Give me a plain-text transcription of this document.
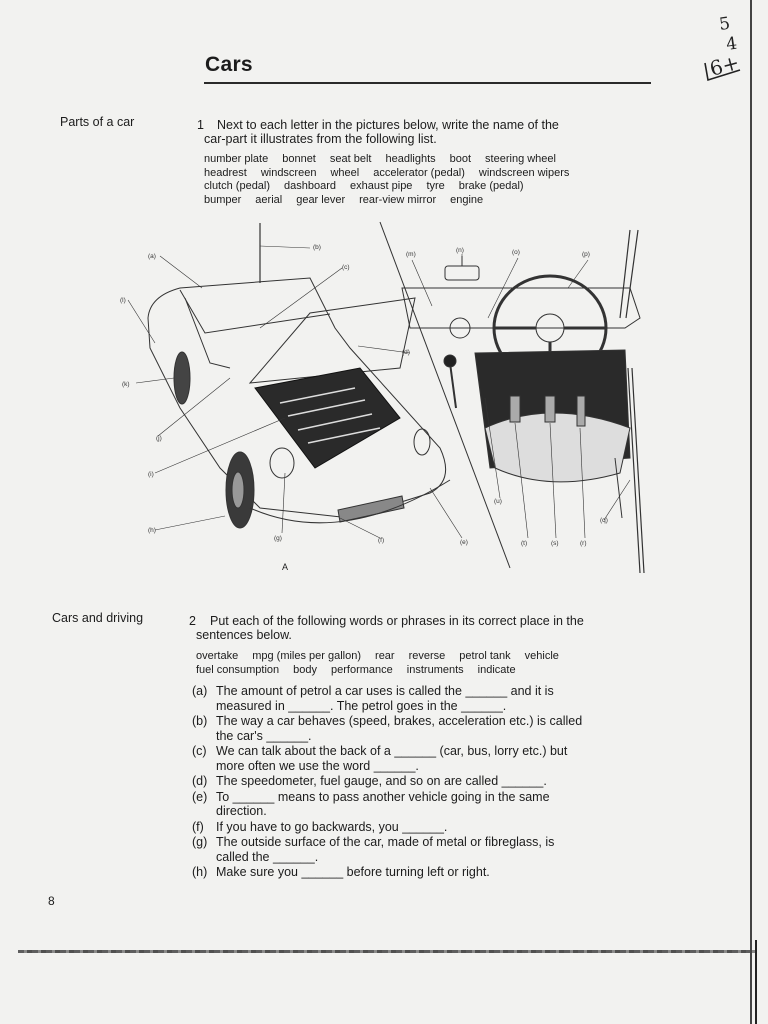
5
4
6+
Cars
Parts of a car	1 Next to each letter in the pictures below, write the name of the
car-part it illustrates from the following list.
number plate bonnet seat belt headlights boot steering wheel
headrest windscreen wheel accelerator (pedal) windscreen wipers
clutch (pedal) dashboard exhaust pipe tyre brake (pedal)
bumper aerial gear lever rear-view mirror engine
(a)
(b)
(c)
(d)
(e)
(f)
(g)
(h)
(i)
(j)
(k)
(l)
(m)
(n)	(o)	(p)
(q)
(r)
(s)
(t)
(u)
A
Cars and driving	2 Put each of the following words or phrases in its correct place in the
sentences below.
overtake mpg (miles per gallon) rear reverse petrol tank vehicle
fuel consumption body performance instruments indicate
(a) The amount of petrol a car uses is called the ______ and it is
measured in ______. The petrol goes in the ______.
(b) The way a car behaves (speed, brakes, acceleration etc.) is called
the car's ______.
(c) We can talk about the back of a ______ (car, bus, lorry etc.) but
more often we use the word ______.
(d) The speedometer, fuel gauge, and so on are called ______.
(e) To ______ means to pass another vehicle going in the same
direction.
(f) If you have to go backwards, you ______.
(g) The outside surface of the car, made of metal or fibreglass, is
called the ______.
(h) Make sure you ______ before turning left or right.
8
